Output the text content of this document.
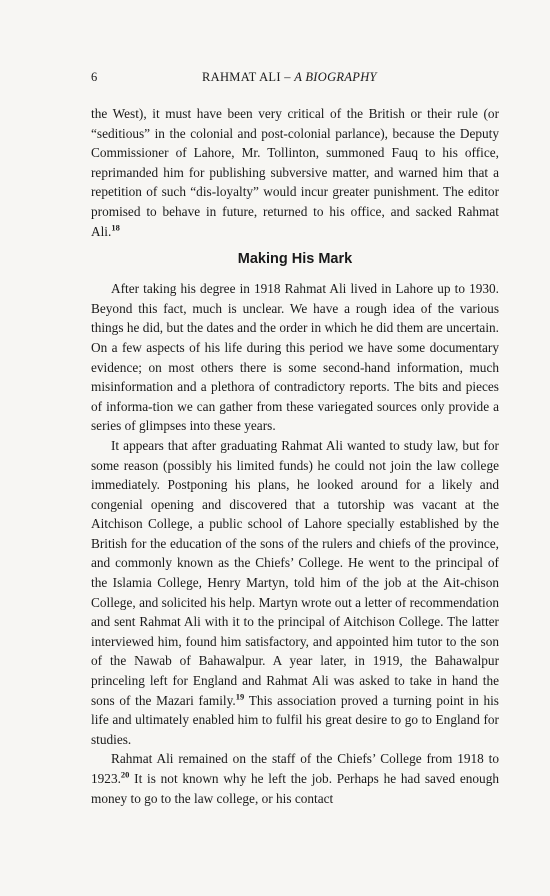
6	RAHMAT ALI – A BIOGRAPHY

the West), it must have been very critical of the British or their rule (or “seditious” in the colonial and post-colonial parlance), because the Deputy Commissioner of Lahore, Mr. Tollinton, summoned Fauq to his office, reprimanded him for publishing subversive matter, and warned him that a repetition of such “dis-loyalty” would incur greater punishment. The editor promised to behave in future, returned to his office, and sacked Rahmat Ali.$^{18}$

Making His Mark

After taking his degree in 1918 Rahmat Ali lived in Lahore up to 1930. Beyond this fact, much is unclear. We have a rough idea of the various things he did, but the dates and the order in which he did them are uncertain. On a few aspects of his life during this period we have some documentary evidence; on most others there is some second-hand information, much misinformation and a plethora of contradictory reports. The bits and pieces of informa-tion we can gather from these variegated sources only provide a series of glimpses into these years.

It appears that after graduating Rahmat Ali wanted to study law, but for some reason (possibly his limited funds) he could not join the law college immediately. Postponing his plans, he looked around for a likely and congenial opening and discovered that a tutorship was vacant at the Aitchison College, a public school of Lahore specially established by the British for the education of the sons of the rulers and chiefs of the province, and commonly known as the Chiefs’ College. He went to the principal of the Islamia College, Henry Martyn, told him of the job at the Ait-chison College, and solicited his help. Martyn wrote out a letter of recommendation and sent Rahmat Ali with it to the principal of Aitchison College. The latter interviewed him, found him satisfactory, and appointed him tutor to the son of the Nawab of Bahawalpur. A year later, in 1919, the Bahawalpur princeling left for England and Rahmat Ali was asked to take in hand the sons of the Mazari family.$^{19}$ This association proved a turning point in his life and ultimately enabled him to fulfil his great desire to go to England for studies.

Rahmat Ali remained on the staff of the Chiefs’ College from 1918 to 1923.20 It is not known why he left the job. Perhaps he had saved enough money to go to the law college, or his contact
